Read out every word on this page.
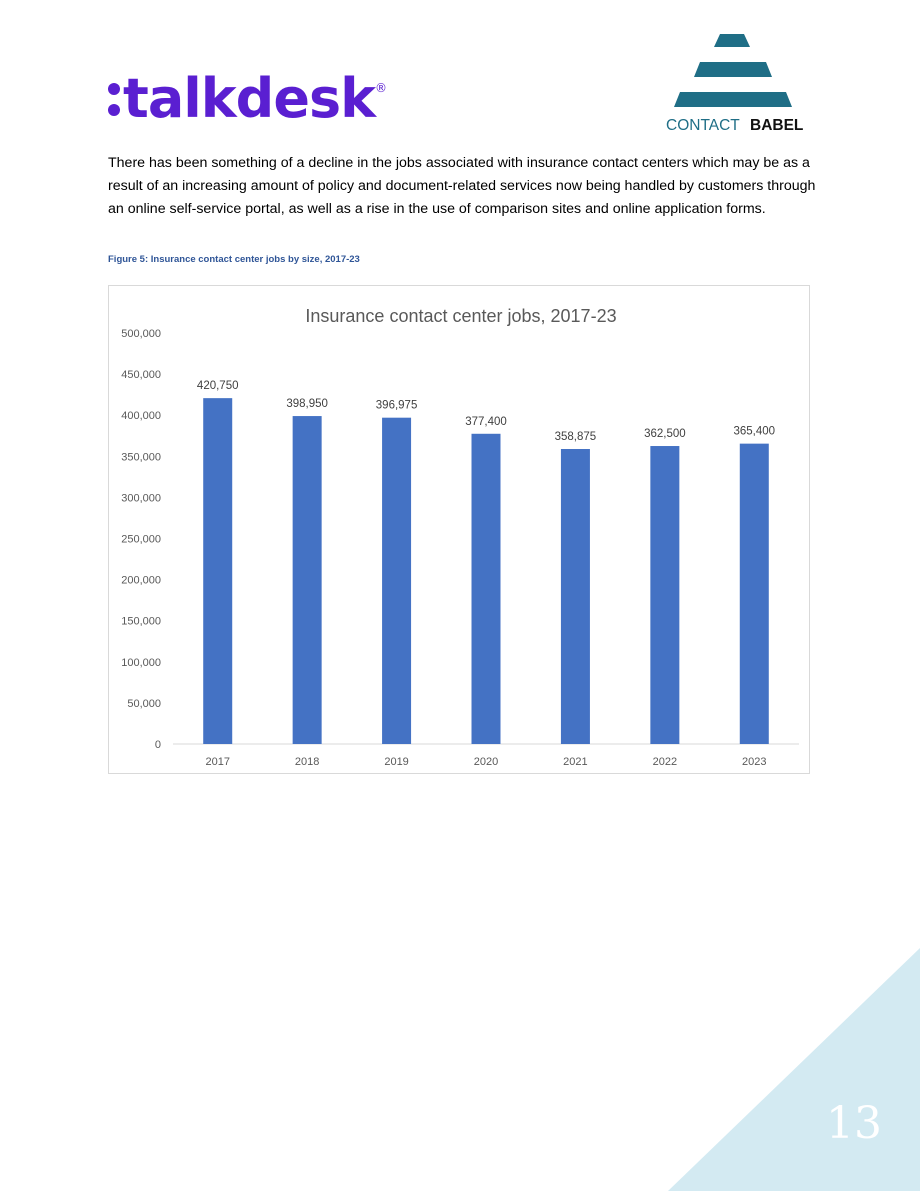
talkdesk ®
CONTACT BABEL

There has been something of a decline in the jobs associated with insurance contact centers which may be as a result of an increasing amount of policy and document-related services now being handled by customers through an online self-service portal, as well as a rise in the use of comparison sites and online application forms.

Figure 5: Insurance contact center jobs by size, 2017-23
Insurance contact center jobs, 2017-23
0
50,000
100,000
150,000
200,000
250,000
300,000
350,000
400,000
450,000
500,000
420,750
398,950	396,975
377,400
358,875	362,500	365,400
2017	2018	2019	2020	2021	2022	2023
13
